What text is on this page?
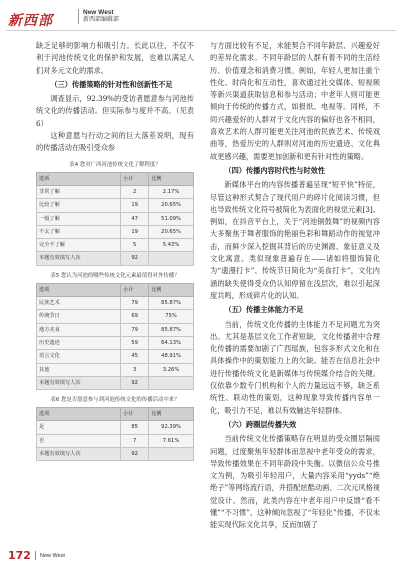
新西部
New West
新西部编辑部

缺乏足够的影响力和吸引力。长此以往，不仅不利于河池传统文化的保护和发展，也难以满足人们对多元文化的需求。

（三）传播策略的针对性和创新性不足

调查显示，92.39%的受访者愿意参与河池传统文化的传播活动。但实际参与度并不高。（见表6）

这种意愿与行动之间的巨大落差说明，现有的传播活动在吸引受众参

表4 您对广西河池传统文化了解程度？
选项	小计	比例
非常了解	2	2.17%
比较了解	19	20.65%
一般了解	47	51.09%
不太了解	19	20.65%
完全不了解	5	5.43%
本题有效填写人次	92	
表5 您认为河池的哪些传统文化元素最值得对外传播？
选项	小计	比例
民族艺术	79	85.87%
传统节日	69	75%
地方美食	79	85.87%
历史遗迹	59	64.13%
语言文化	45	48.91%
其他	3	3.26%
本题有效填写人次	92	
表6 您是否愿意参与到河池传统文化的传播活动中来？
选项	小计	比例
是	85	92.39%
否	7	7.61%
本题有效填写人次	92	

与方面比较有不足，未能契合不同年龄层、兴趣爱好的差异化需求。不同年龄层的人群有着不同的生活经历、价值观念和消费习惯。例如，年轻人更加注重个性化、时尚化和互动性，喜欢通过社交媒体、短视频等新兴渠道获取信息和参与活动；中老年人则可能更倾向于传统的传播方式，如报纸、电视等。同样，不同兴趣爱好的人群对于文化内容的偏好也各不相同，喜欢艺术的人群可能更关注河池的民族艺术、传统戏曲等，热爱历史的人群则对河池的历史遗迹、文化典故更感兴趣，需要更加创新和更有针对性的策略。

（四）传播内容时代性与时效性

新媒体平台的内容传播普遍呈现“短平快”特征，尽管这种形式契合了现代用户的碎片化阅读习惯，但也导致传统文化符号被简化为表面化的视觉元素[3]。例如，在抖音平台上，关于“河池铜鼓舞”的视频内容大多聚焦于舞者服饰的艳丽色彩和舞蹈动作的视觉冲击，而鲜少深入挖掘其背后的历史渊源、象征意义及文化寓意。类似现象普遍存在——诸如将服饰简化为“遗漫打卡”、传统节日简化为“美食打卡”，文化内涵的缺失使得受众仍认知停留在浅层次，难以引起深度共鸣，形成碎片化的认知。

（五）传播主体能力不足

当前，传统文化传播的主体能力不足问题尤为突出。尤其是基层文化工作者短缺，文化传播者中合理化传播的需要加剧了广西瑶族，包容多形式文化和在具体操作中的策划能力上的欠缺。能否在信息社会中进行传播传统文化是新媒体与传统媒介结合的关键。仅依靠少数专门机构和个人的力量远远不够，缺乏系统性、联动性的策划，这种现象导致传播内容单一化，吸引力不足，难以有效触达年轻群体。

（六）跨圈层传播失效

当前传统文化传播策略存在明显的受众圈层隔阂问题，过度聚焦年轻群体而忽视中老年受众的需求，导致传播效果在不同年龄段中失衡。以微信公众号推文为例，为吸引年轻用户，大量内容采用“yyds”“绝绝子”等网络流行语，并搭配炫酷动画、二次元风格视觉设计。然而，此类内容在中老年用户中反馈“看不懂”“不习惯”，这种倾向忽视了“年轻化”传播，不仅未能实现代际文化共享，反而加剧了

172 New West
